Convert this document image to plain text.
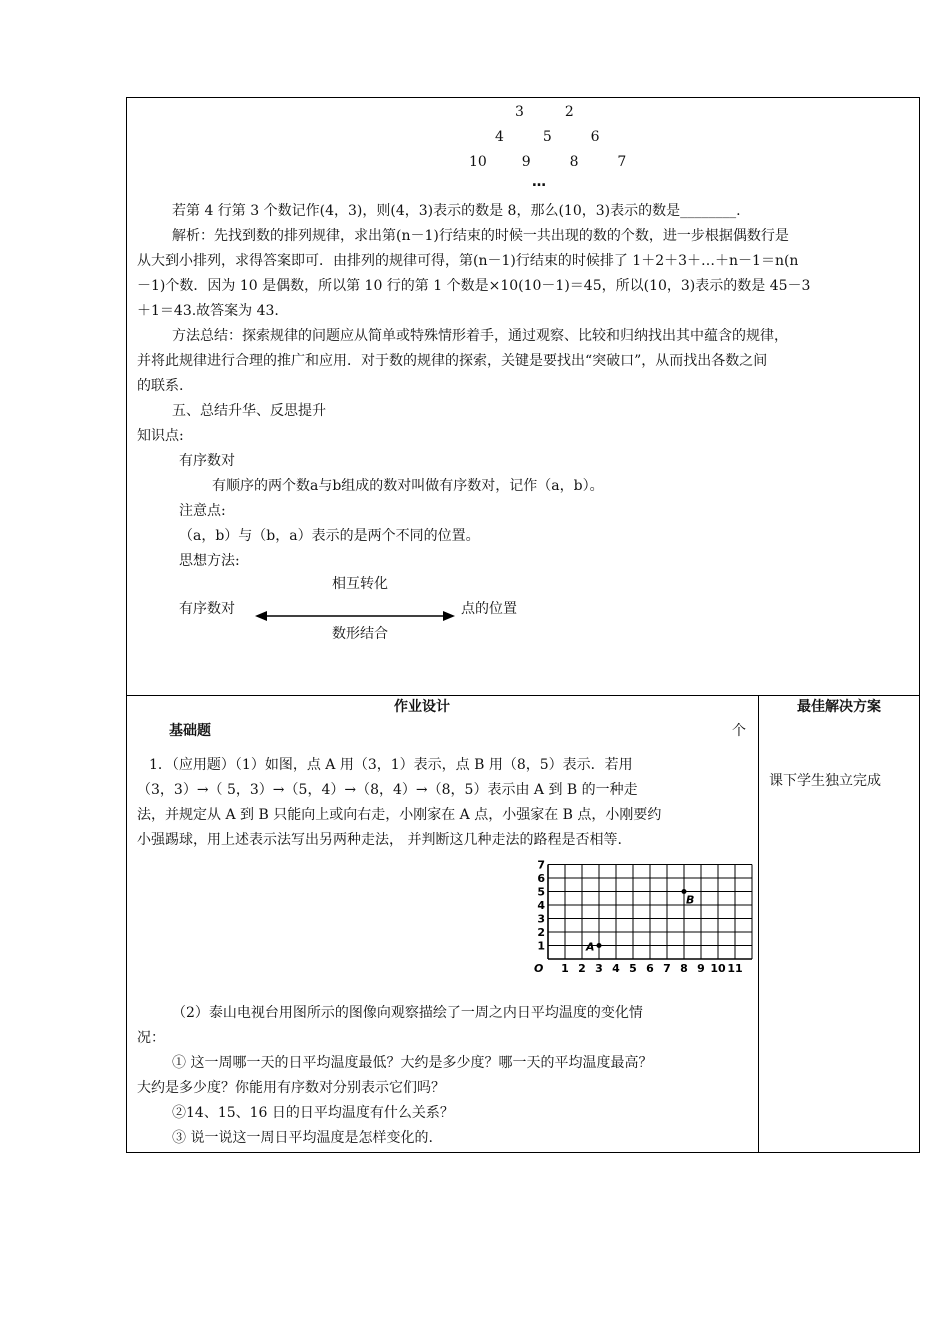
3	2
4	5	6
10 9	8	7
…
若第 4 行第 3 个数记作(4，3)，则(4，3)表示的数是 8，那么(10，3)表示的数是________.
解析：先找到数的排列规律，求出第(n－1)行结束的时候一共出现的数的个数，进一步根据偶数行是
从大到小排列，求得答案即可．由排列的规律可得，第(n－1)行结束的时候排了 1＋2＋3＋…＋n－1＝n(n
－1)个数．因为 10 是偶数，所以第 10 行的第 1 个数是×10(10－1)＝45，所以(10，3)表示的数是 45－3
＋1＝43.故答案为 43.
方法总结：探索规律的问题应从简单或特殊情形着手，通过观察、比较和归纳找出其中蕴含的规律，
并将此规律进行合理的推广和应用．对于数的规律的探索，关键是要找出“突破口”，从而找出各数之间
的联系.
五、总结升华、反思提升
知识点:
有序数对
有顺序的两个数a与b组成的数对叫做有序数对，记作（a，b）。
注意点:
（a，b）与（b，a）表示的是两个不同的位置。
思想方法:
相互转化
有序数对	点的位置
数形结合
作业设计
基础题	个
1．（应用题）（1）如图，点 A 用（3，1）表示，点 B 用（8，5）表示．若用
（3，3）→（ 5，3）→（5，4）→（8，4）→（8，5）表示由 A 到 B 的一种走
法，并规定从 A 到 B 只能向上或向右走，小刚家在 A 点，小强家在 B 点，小刚要约
小强踢球，用上述表示法写出另两种走法， 并判断这几种走法的路程是否相等.
1 2 3 4 5 6 7 8 9 10 11
1
2
3
4
5
6
7
O
A
B
（2）泰山电视台用图所示的图像向观察描绘了一周之内日平均温度的变化情
况：
① 这一周哪一天的日平均温度最低？大约是多少度？哪一天的平均温度最高？
大约是多少度？你能用有序数对分别表示它们吗？
②14、15、16 日的日平均温度有什么关系？
③ 说一说这一周日平均温度是怎样变化的.
最佳解决方案
课下学生独立完成
